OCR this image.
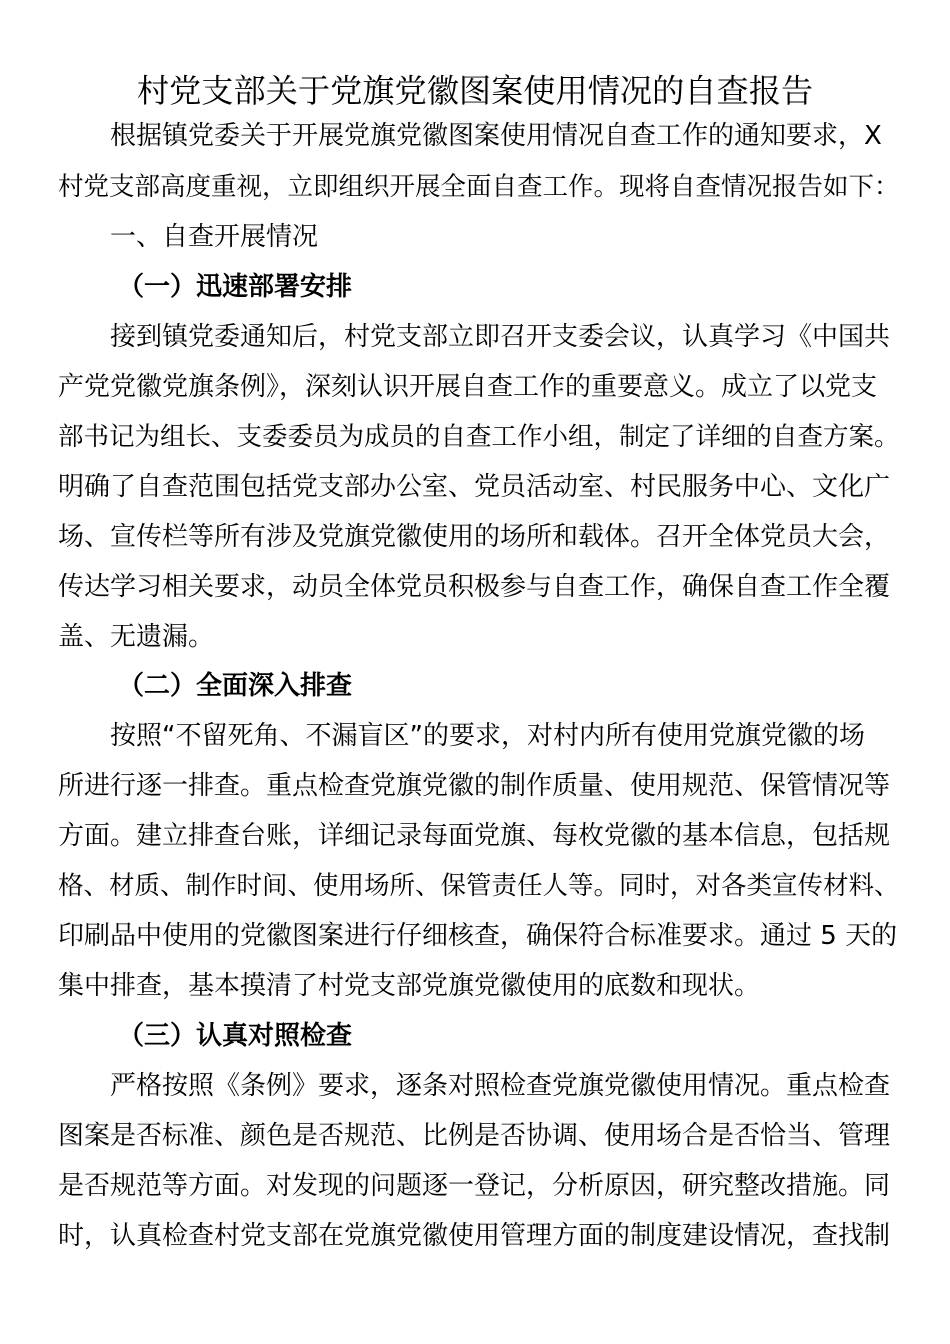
村党支部关于党旗党徽图案使用情况的自查报告
根据镇党委关于开展党旗党徽图案使用情况自查工作的通知要求，X
村党支部高度重视，立即组织开展全面自查工作。现将自查情况报告如下：
一、自查开展情况
（一）迅速部署安排
接到镇党委通知后，村党支部立即召开支委会议，认真学习《中国共
产党党徽党旗条例》，深刻认识开展自查工作的重要意义。成立了以党支
部书记为组长、支委委员为成员的自查工作小组，制定了详细的自查方案。
明确了自查范围包括党支部办公室、党员活动室、村民服务中心、文化广
场、宣传栏等所有涉及党旗党徽使用的场所和载体。召开全体党员大会，
传达学习相关要求，动员全体党员积极参与自查工作，确保自查工作全覆
盖、无遗漏。
（二）全面深入排查
按照“不留死角、不漏盲区”的要求，对村内所有使用党旗党徽的场
所进行逐一排查。重点检查党旗党徽的制作质量、使用规范、保管情况等
方面。建立排查台账，详细记录每面党旗、每枚党徽的基本信息，包括规
格、材质、制作时间、使用场所、保管责任人等。同时，对各类宣传材料、
印刷品中使用的党徽图案进行仔细核查，确保符合标准要求。通过 5 天的
集中排查，基本摸清了村党支部党旗党徽使用的底数和现状。
（三）认真对照检查
严格按照《条例》要求，逐条对照检查党旗党徽使用情况。重点检查
图案是否标准、颜色是否规范、比例是否协调、使用场合是否恰当、管理
是否规范等方面。对发现的问题逐一登记，分析原因，研究整改措施。同
时，认真检查村党支部在党旗党徽使用管理方面的制度建设情况，查找制
